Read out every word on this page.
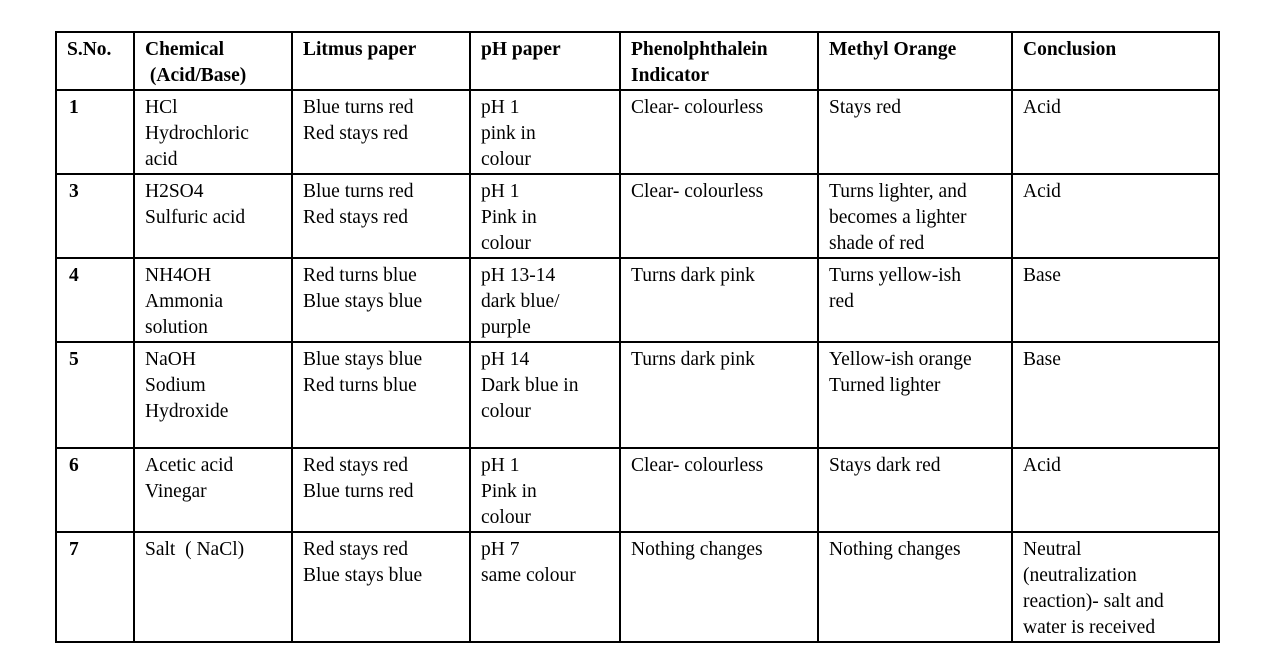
S.No.	Chemical
(Acid/Base)	Litmus paper	pH paper	Phenolphthalein
Indicator	Methyl Orange	Conclusion

1	HCl
Hydrochloric
acid	Blue turns red
Red stays red	pH 1
pink in
colour	Clear- colourless	Stays red	Acid

3	H2SO4
Sulfuric acid	Blue turns red
Red stays red	pH 1
Pink in
colour	Clear- colourless	Turns lighter, and
becomes a lighter
shade of red	Acid

4	NH4OH
Ammonia
solution	Red turns blue
Blue stays blue	pH 13-14
dark blue/
purple	Turns dark pink	Turns yellow-ish
red	Base

5	NaOH
Sodium
Hydroxide	Blue stays blue
Red turns blue	pH 14
Dark blue in
colour	Turns dark pink	Yellow-ish orange
Turned lighter	Base

6	Acetic acid
Vinegar	Red stays red
Blue turns red	pH 1
Pink in
colour	Clear- colourless	Stays dark red	Acid

7	Salt  ( NaCl)	Red stays red
Blue stays blue	pH 7
same colour	Nothing changes	Nothing changes	Neutral
(neutralization
reaction)- salt and
water is received
